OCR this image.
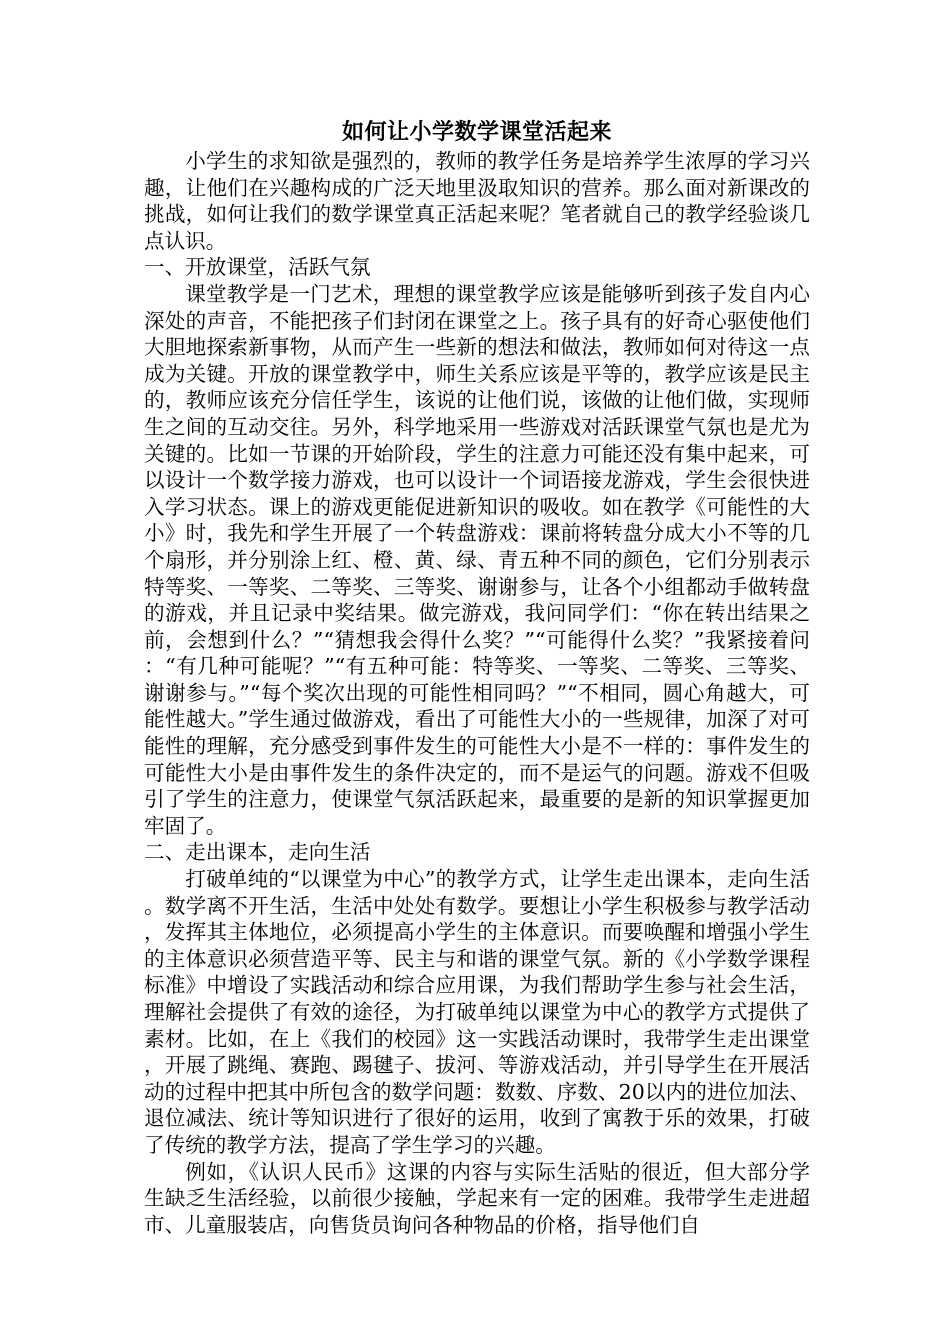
如何让小学数学课堂活起来

小学生的求知欲是强烈的，教师的教学任务是培养学生浓厚的学习兴趣，让他们在兴趣构成的广泛天地里汲取知识的营养。那么面对新课改的挑战，如何让我们的数学课堂真正活起来呢？笔者就自己的教学经验谈几点认识。

一、开放课堂，活跃气氛

课堂教学是一门艺术，理想的课堂教学应该是能够听到孩子发自内心深处的声音，不能把孩子们封闭在课堂之上。孩子具有的好奇心驱使他们大胆地探索新事物，从而产生一些新的想法和做法，教师如何对待这一点成为关键。开放的课堂教学中，师生关系应该是平等的，教学应该是民主的，教师应该充分信任学生，该说的让他们说，该做的让他们做，实现师生之间的互动交往。另外，科学地采用一些游戏对活跃课堂气氛也是尤为关键的。比如一节课的开始阶段，学生的注意力可能还没有集中起来，可以设计一个数学接力游戏，也可以设计一个词语接龙游戏，学生会很快进入学习状态。课上的游戏更能促进新知识的吸收。如在教学《可能性的大小》时，我先和学生开展了一个转盘游戏：课前将转盘分成大小不等的几个扇形，并分别涂上红、橙、黄、绿、青五种不同的颜色，它们分别表示特等奖、一等奖、二等奖、三等奖、谢谢参与，让各个小组都动手做转盘的游戏，并且记录中奖结果。做完游戏，我问同学们：“你在转出结果之前，会想到什么？”“猜想我会得什么奖？”“可能得什么奖？”我紧接着问：“有几种可能呢？”“有五种可能：特等奖、一等奖、二等奖、三等奖、谢谢参与。”“每个奖次出现的可能性相同吗？”“不相同，圆心角越大，可能性越大。”学生通过做游戏，看出了可能性大小的一些规律，加深了对可能性的理解，充分感受到事件发生的可能性大小是不一样的：事件发生的可能性大小是由事件发生的条件决定的，而不是运气的问题。游戏不但吸引了学生的注意力，使课堂气氛活跃起来，最重要的是新的知识掌握更加牢固了。

二、走出课本，走向生活

打破单纯的“以课堂为中心”的教学方式，让学生走出课本，走向生活。数学离不开生活，生活中处处有数学。要想让小学生积极参与教学活动，发挥其主体地位，必须提高小学生的主体意识。而要唤醒和增强小学生的主体意识必须营造平等、民主与和谐的课堂气氛。新的《小学数学课程标准》中增设了实践活动和综合应用课，为我们帮助学生参与社会生活，理解社会提供了有效的途径，为打破单纯以课堂为中心的教学方式提供了素材。比如，在上《我们的校园》这一实践活动课时，我带学生走出课堂，开展了跳绳、赛跑、踢毽子、拔河、等游戏活动，并引导学生在开展活动的过程中把其中所包含的数学问题：数数、序数、20以内的进位加法、退位减法、统计等知识进行了很好的运用，收到了寓教于乐的效果，打破了传统的教学方法，提高了学生学习的兴趣。

例如，《认识人民币》这课的内容与实际生活贴的很近，但大部分学生缺乏生活经验，以前很少接触，学起来有一定的困难。我带学生走进超市、儿童服装店，向售货员询问各种物品的价格，指导他们自
